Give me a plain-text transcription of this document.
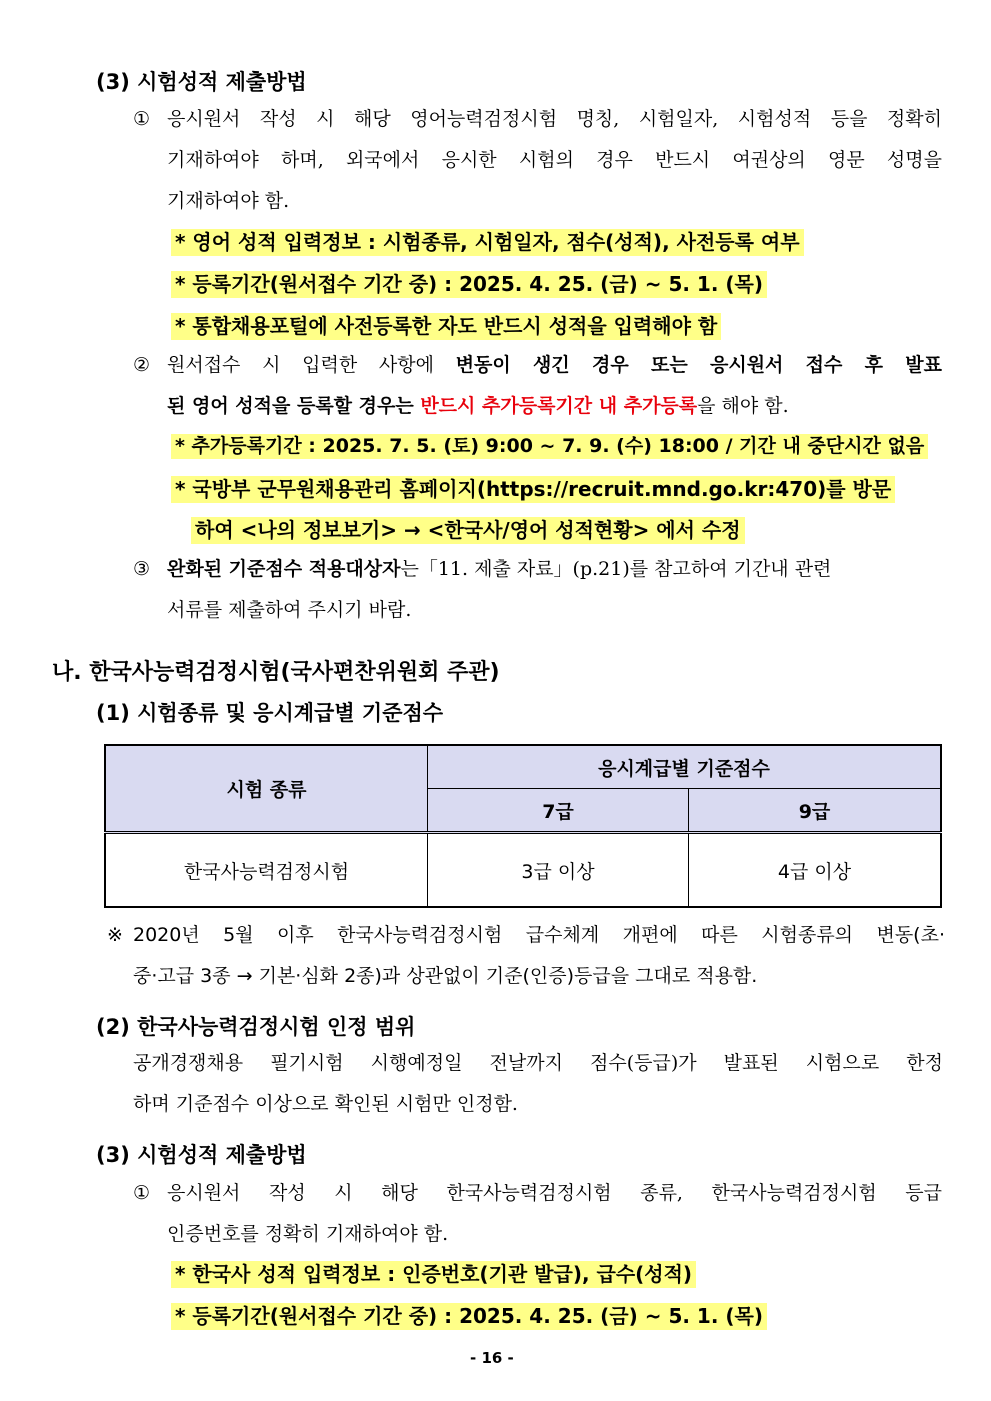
(3) 시험성적 제출방법
① 응시원서 작성 시 해당 영어능력검정시험 명칭, 시험일자, 시험성적 등을 정확히
기재하여야 하며, 외국에서 응시한 시험의 경우 반드시 여권상의 영문 성명을
기재하여야 함.
* 영어 성적 입력정보 : 시험종류, 시험일자, 점수(성적), 사전등록 여부
* 등록기간(원서접수 기간 중) : 2025. 4. 25. (금) ~ 5. 1. (목)
* 통합채용포털에 사전등록한 자도 반드시 성적을 입력해야 함
② 원서접수 시 입력한 사항에 변동이 생긴 경우 또는 응시원서 접수 후 발표
된 영어 성적을 등록할 경우는 반드시 추가등록기간 내 추가등록을 해야 함.
* 추가등록기간 : 2025. 7. 5. (토) 9:00 ~ 7. 9. (수) 18:00 / 기간 내 중단시간 없음
* 국방부 군무원채용관리 홈페이지(https://recruit.mnd.go.kr:470)를 방문
하여 <나의 정보보기> → <한국사/영어 성적현황> 에서 수정
③ 완화된 기준점수 적용대상자는「11. 제출 자료」(p.21)를 참고하여 기간내 관련
서류를 제출하여 주시기 바람.
나. 한국사능력검정시험(국사편찬위원회 주관)
(1) 시험종류 및 응시계급별 기준점수
시험 종류	응시계급별 기준점수	
	7급	9급
한국사능력검정시험	3급 이상	4급 이상
※ 2020년 5월 이후 한국사능력검정시험 급수체계 개편에 따른 시험종류의 변동(초·
중·고급 3종 → 기본·심화 2종)과 상관없이 기준(인증)등급을 그대로 적용함.
(2) 한국사능력검정시험 인정 범위
공개경쟁채용 필기시험 시행예정일 전날까지 점수(등급)가 발표된 시험으로 한정
하며 기준점수 이상으로 확인된 시험만 인정함.
(3) 시험성적 제출방법
① 응시원서 작성 시 해당 한국사능력검정시험 종류, 한국사능력검정시험 등급
인증번호를 정확히 기재하여야 함.
* 한국사 성적 입력정보 : 인증번호(기관 발급), 급수(성적)
* 등록기간(원서접수 기간 중) : 2025. 4. 25. (금) ~ 5. 1. (목)
- 16 -
